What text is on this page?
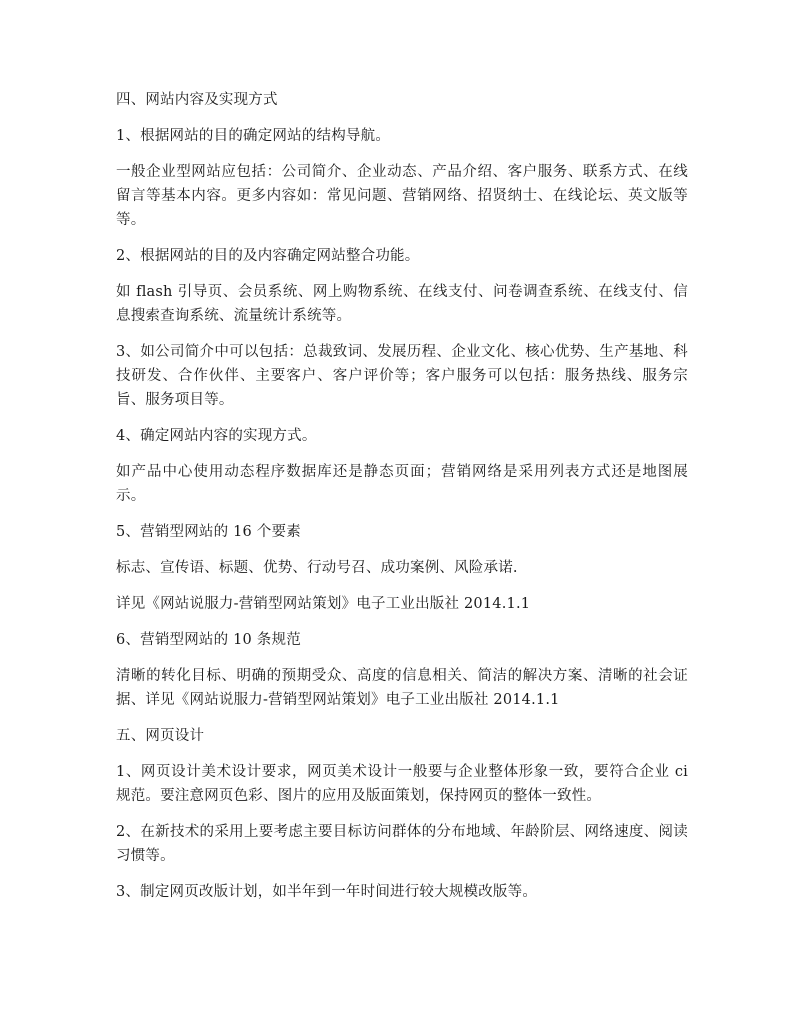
四、网站内容及实现方式

1、根据网站的目的确定网站的结构导航。

一般企业型网站应包括：公司简介、企业动态、产品介绍、客户服务、联系方式、在线留言等基本内容。更多内容如：常见问题、营销网络、招贤纳士、在线论坛、英文版等等。

2、根据网站的目的及内容确定网站整合功能。

如 flash 引导页、会员系统、网上购物系统、在线支付、问卷调查系统、在线支付、信息搜索查询系统、流量统计系统等。

3、如公司简介中可以包括：总裁致词、发展历程、企业文化、核心优势、生产基地、科技研发、合作伙伴、主要客户、客户评价等；客户服务可以包括：服务热线、服务宗旨、服务项目等。

4、确定网站内容的实现方式。

如产品中心使用动态程序数据库还是静态页面；营销网络是采用列表方式还是地图展示。

5、营销型网站的 16 个要素

标志、宣传语、标题、优势、行动号召、成功案例、风险承诺.

详见《网站说服力-营销型网站策划》电子工业出版社 2014.1.1

6、营销型网站的 10 条规范

清晰的转化目标、明确的预期受众、高度的信息相关、简洁的解决方案、清晰的社会证据、详见《网站说服力-营销型网站策划》电子工业出版社 2014.1.1

五、网页设计

1、网页设计美术设计要求，网页美术设计一般要与企业整体形象一致，要符合企业 ci 规范。要注意网页色彩、图片的应用及版面策划，保持网页的整体一致性。

2、在新技术的采用上要考虑主要目标访问群体的分布地域、年龄阶层、网络速度、阅读习惯等。

3、制定网页改版计划，如半年到一年时间进行较大规模改版等。
